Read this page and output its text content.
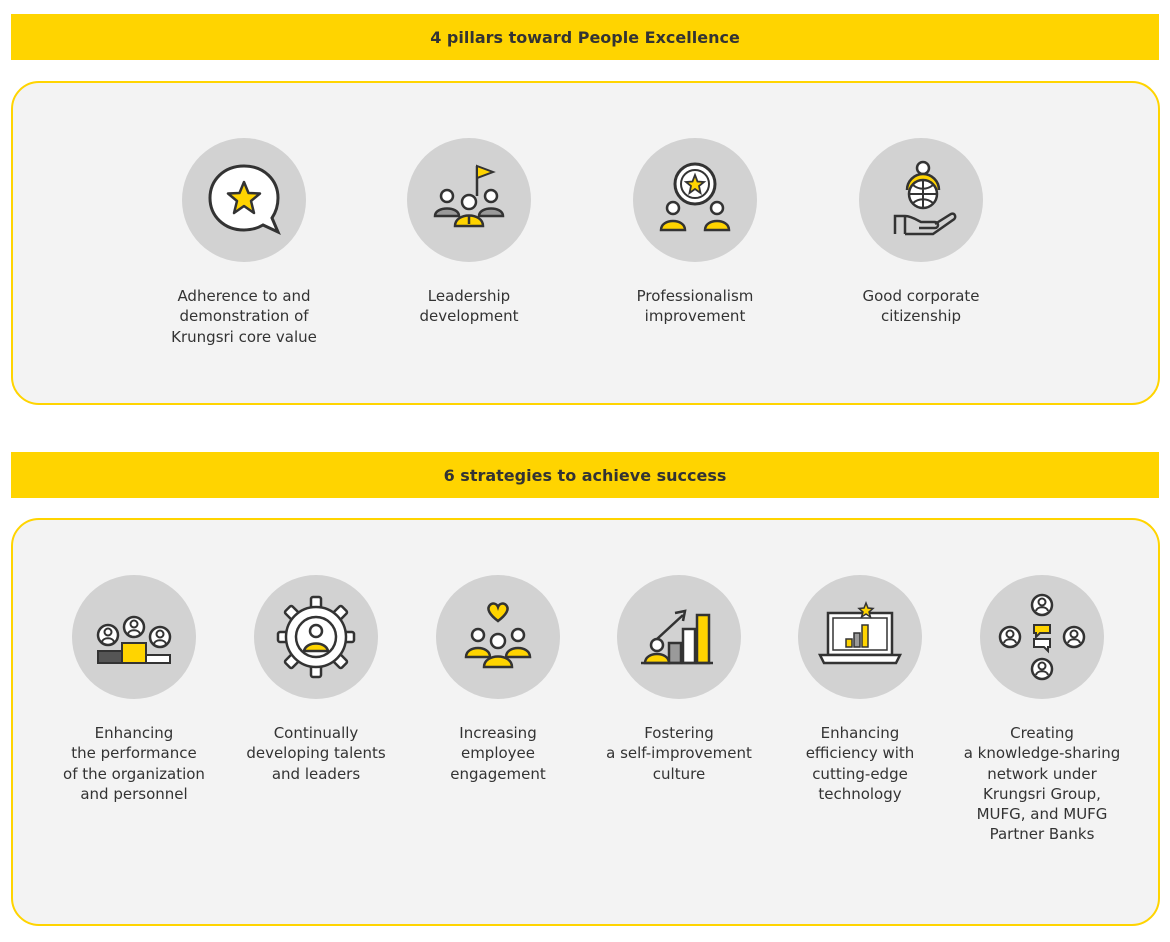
4 pillars toward People Excellence
Adherence to and
demonstration of
Krungsri core value
Leadership
development
Professionalism
improvement
Good corporate
citizenship
6 strategies to achieve success
Enhancing
the performance
of the organization
and personnel
Continually
developing talents
and leaders
Increasing
employee
engagement
Fostering
a self-improvement
culture
Enhancing
efficiency with
cutting-edge
technology
Creating
a knowledge-sharing
network under
Krungsri Group,
MUFG, and MUFG
Partner Banks
